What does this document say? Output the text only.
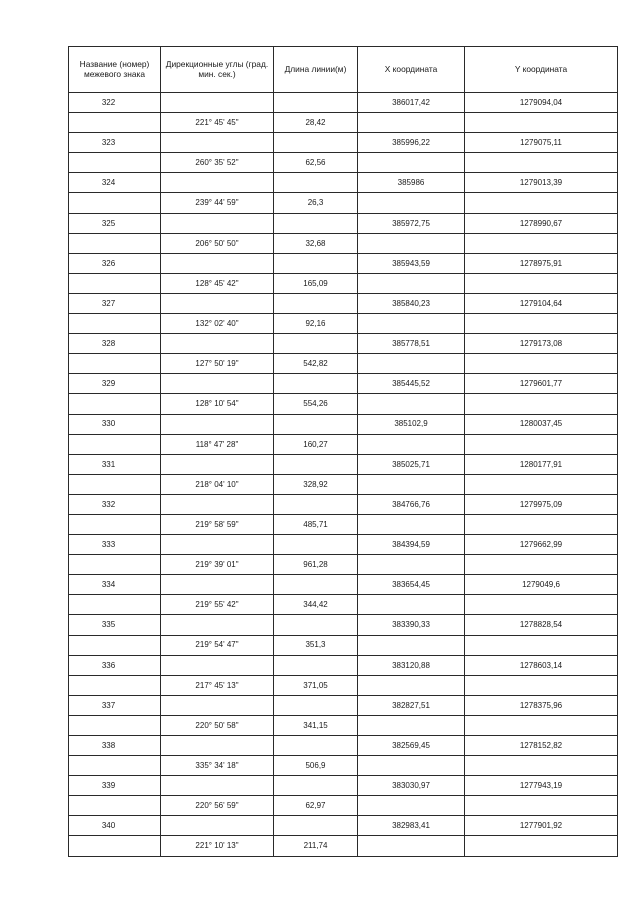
Название (номер) межевого знака	Дирекционные углы (град. мин. сек.)	Длина линии(м)	X координата	Y координата
322			386017,42	1279094,04
	221° 45' 45"	28,42		
323			385996,22	1279075,11
	260° 35' 52"	62,56		
324			385986	1279013,39
	239° 44' 59"	26,3		
325			385972,75	1278990,67
	206° 50' 50"	32,68		
326			385943,59	1278975,91
	128° 45' 42"	165,09		
327			385840,23	1279104,64
	132° 02' 40"	92,16		
328			385778,51	1279173,08
	127° 50' 19"	542,82		
329			385445,52	1279601,77
	128° 10' 54"	554,26		
330			385102,9	1280037,45
	118° 47' 28"	160,27		
331			385025,71	1280177,91
	218° 04' 10"	328,92		
332			384766,76	1279975,09
	219° 58' 59"	485,71		
333			384394,59	1279662,99
	219° 39' 01"	961,28		
334			383654,45	1279049,6
	219° 55' 42"	344,42		
335			383390,33	1278828,54
	219° 54' 47"	351,3		
336			383120,88	1278603,14
	217° 45' 13"	371,05		
337			382827,51	1278375,96
	220° 50' 58"	341,15		
338			382569,45	1278152,82
	335° 34' 18"	506,9		
339			383030,97	1277943,19
	220° 56' 59"	62,97		
340			382983,41	1277901,92
	221° 10' 13"	211,74		
